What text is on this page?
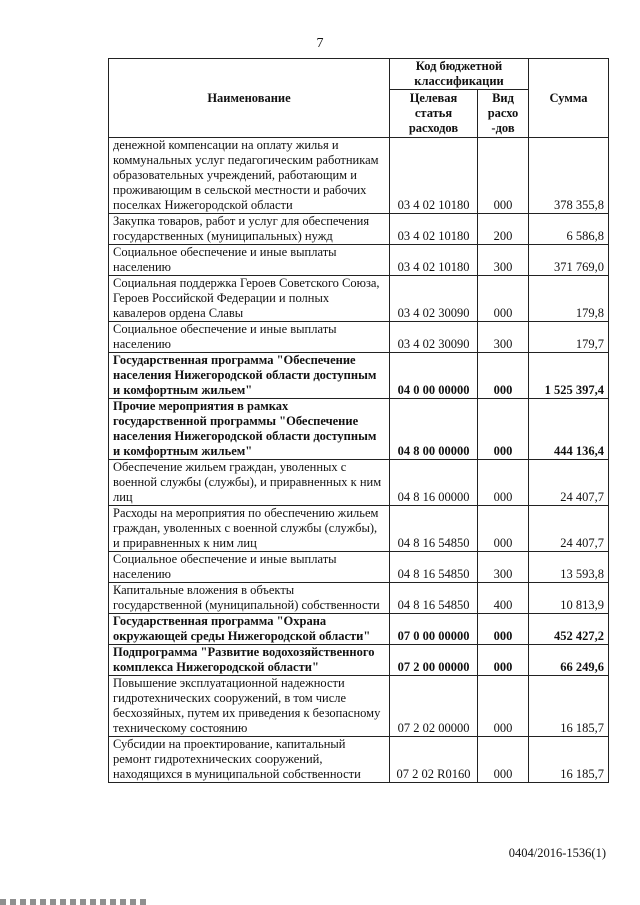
7
Наименование	Код бюджетной классификации		Сумма
	Целевая статья расходов	Вид расхо -дов	
денежной компенсации на оплату жилья и коммунальных услуг педагогическим работникам образовательных учреждений, работающим и проживающим в сельской местности и рабочих поселках Нижегородской области	03 4 02 10180	000	378 355,8
Закупка товаров, работ и услуг для обеспечения государственных (муниципальных) нужд	03 4 02 10180	200	6 586,8
Социальное обеспечение и иные выплаты населению	03 4 02 10180	300	371 769,0
Социальная поддержка Героев Советского Союза, Героев Российской Федерации и полных кавалеров ордена Славы	03 4 02 30090	000	179,8
Социальное обеспечение и иные выплаты населению	03 4 02 30090	300	179,7
Государственная программа "Обеспечение населения Нижегородской области доступным и комфортным жильем"	04 0 00 00000	000	1 525 397,4
Прочие мероприятия в рамках государственной программы "Обеспечение населения Нижегородской области доступным и комфортным жильем"	04 8 00 00000	000	444 136,4
Обеспечение жильем граждан, уволенных с военной службы (службы), и приравненных к ним лиц	04 8 16 00000	000	24 407,7
Расходы на мероприятия по обеспечению жильем граждан, уволенных с военной службы (службы), и приравненных к ним лиц	04 8 16 54850	000	24 407,7
Социальное обеспечение и иные выплаты населению	04 8 16 54850	300	13 593,8
Капитальные вложения в объекты государственной (муниципальной) собственности	04 8 16 54850	400	10 813,9
Государственная программа "Охрана окружающей среды Нижегородской области"	07 0 00 00000	000	452 427,2
Подпрограмма "Развитие водохозяйственного комплекса Нижегородской области"	07 2 00 00000	000	66 249,6
Повышение эксплуатационной надежности гидротехнических сооружений, в том числе бесхозяйных, путем их приведения к безопасному техническому состоянию	07 2 02 00000	000	16 185,7
Субсидии на проектирование, капитальный ремонт гидротехнических сооружений, находящихся в муниципальной собственности	07 2 02 R0160	000	16 185,7
0404/2016-1536(1)
